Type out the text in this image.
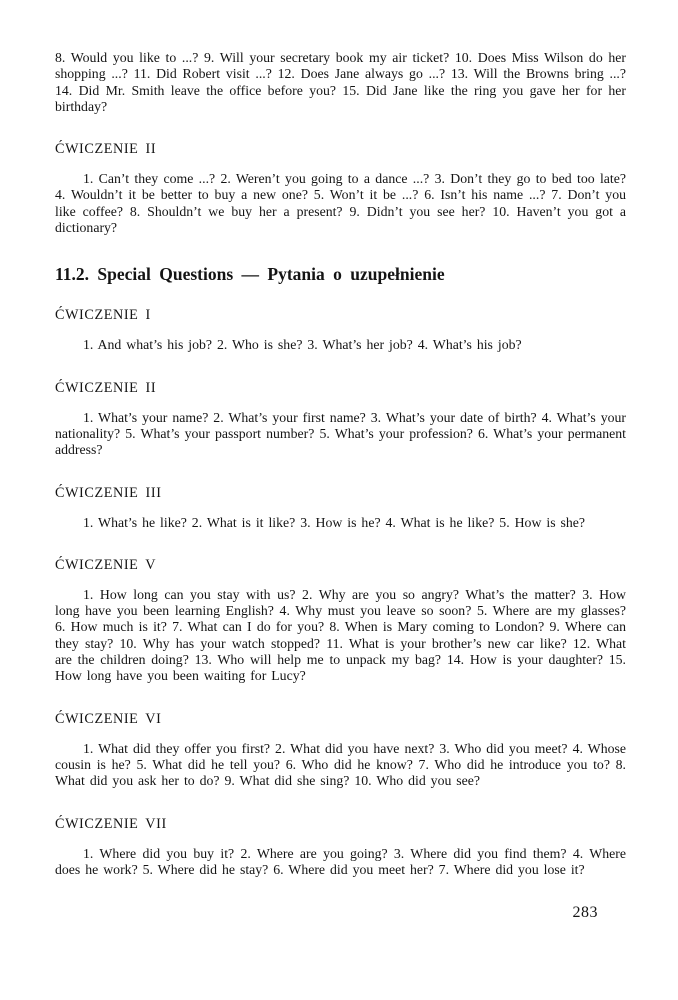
8. Would you like to ...? 9. Will your secretary book my air ticket? 10. Does Miss Wilson do her shopping ...? 11. Did Robert visit ...? 12. Does Jane always go ...? 13. Will the Browns bring ...? 14. Did Mr. Smith leave the office before you? 15. Did Jane like the ring you gave her for her birthday?

ĆWICZENIE II

1. Can’t they come ...? 2. Weren’t you going to a dance ...? 3. Don’t they go to bed too late? 4. Wouldn’t it be better to buy a new one? 5. Won’t it be ...? 6. Isn’t his name ...? 7. Don’t you like coffee? 8. Shouldn’t we buy her a present? 9. Didn’t you see her? 10. Haven’t you got a dictionary?

11.2. Special Questions — Pytania o uzupełnienie
ĆWICZENIE I

1. And what’s his job? 2. Who is she? 3. What’s her job? 4. What’s his job?

ĆWICZENIE II

1. What’s your name? 2. What’s your first name? 3. What’s your date of birth? 4. What’s your nationality? 5. What’s your passport number? 5. What’s your profession? 6. What’s your permanent address?

ĆWICZENIE III

1. What’s he like? 2. What is it like? 3. How is he? 4. What is he like? 5. How is she?

ĆWICZENIE V

1. How long can you stay with us? 2. Why are you so angry? What’s the matter? 3. How long have you been learning English? 4. Why must you leave so soon? 5. Where are my glasses? 6. How much is it? 7. What can I do for you? 8. When is Mary coming to London? 9. Where can they stay? 10. Why has your watch stopped? 11. What is your brother’s new car like? 12. What are the children doing? 13. Who will help me to unpack my bag? 14. How is your daughter? 15. How long have you been waiting for Lucy?

ĆWICZENIE VI

1. What did they offer you first? 2. What did you have next? 3. Who did you meet? 4. Whose cousin is he? 5. What did he tell you? 6. Who did he know? 7. Who did he introduce you to? 8. What did you ask her to do? 9. What did she sing? 10. Who did you see?

ĆWICZENIE VII

1. Where did you buy it? 2. Where are you going? 3. Where did you find them? 4. Where does he work? 5. Where did he stay? 6. Where did you meet her? 7. Where did you lose it?

283
